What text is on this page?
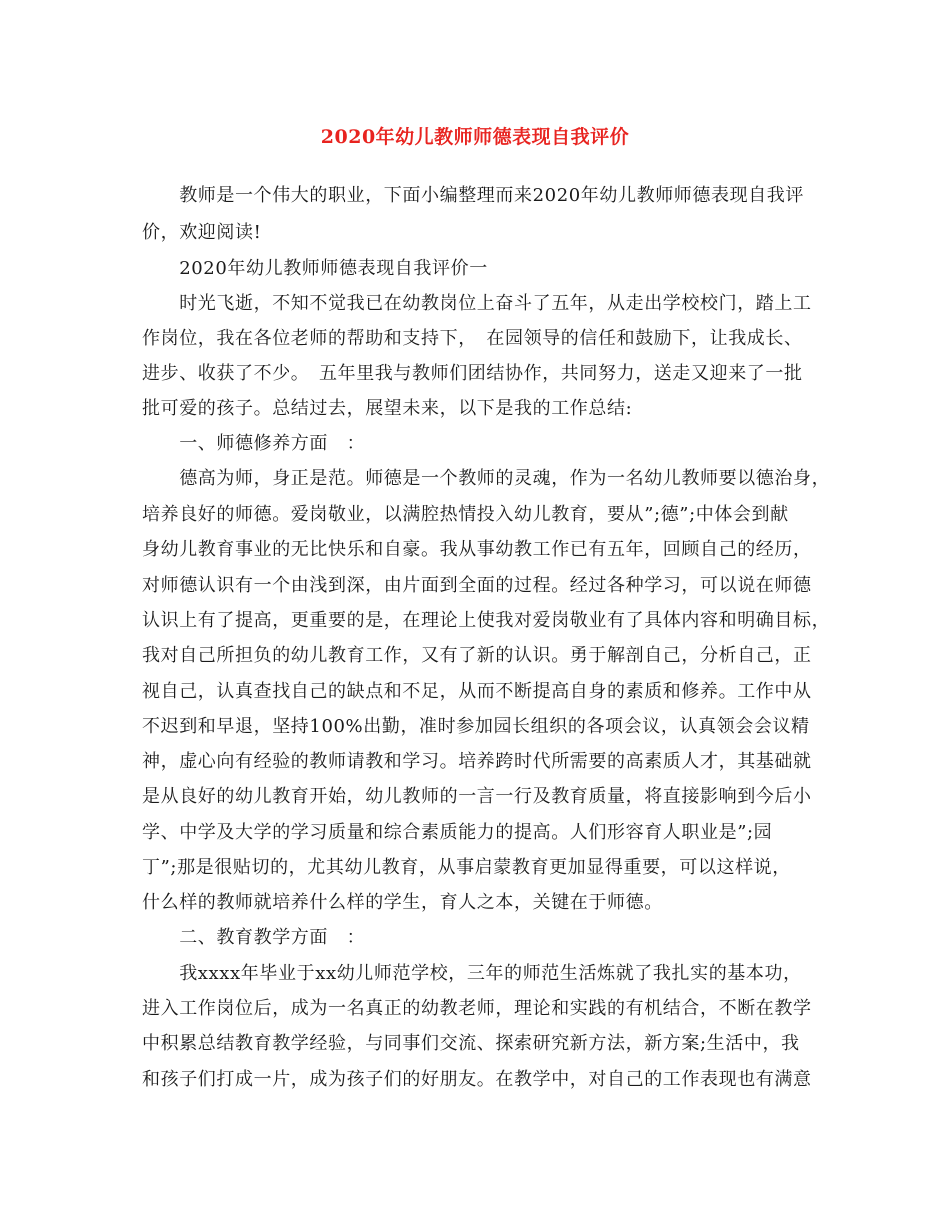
2020年幼儿教师师德表现自我评价
　　教师是一个伟大的职业，下面小编整理而来2020年幼儿教师师德表现自我评
价，欢迎阅读!
　　2020年幼儿教师师德表现自我评价一
　　时光飞逝，不知不觉我已在幼教岗位上奋斗了五年，从走出学校校门，踏上工
作岗位，我在各位老师的帮助和支持下，　在园领导的信任和鼓励下，让我成长、
进步、收获了不少。　五年里我与教师们团结协作，共同努力，送走又迎来了一批
批可爱的孩子。总结过去，展望未来，以下是我的工作总结:
　　一、师德修养方面　：
　　德高为师，身正是范。师德是一个教师的灵魂，作为一名幼儿教师要以德治身，
培养良好的师德。爱岗敬业，以满腔热情投入幼儿教育，要从”;德”;中体会到献
身幼儿教育事业的无比快乐和自豪。我从事幼教工作已有五年，回顾自己的经历，
对师德认识有一个由浅到深，由片面到全面的过程。经过各种学习，可以说在师德
认识上有了提高，更重要的是，在理论上使我对爱岗敬业有了具体内容和明确目标，
我对自己所担负的幼儿教育工作，又有了新的认识。勇于解剖自己，分析自己，正
视自己，认真查找自己的缺点和不足，从而不断提高自身的素质和修养。工作中从
不迟到和早退，坚持100%出勤，准时参加园长组织的各项会议，认真领会会议精
神，虚心向有经验的教师请教和学习。培养跨时代所需要的高素质人才，其基础就
是从良好的幼儿教育开始，幼儿教师的一言一行及教育质量，将直接影响到今后小
学、中学及大学的学习质量和综合素质能力的提高。人们形容育人职业是”;园
丁”;那是很贴切的，尤其幼儿教育，从事启蒙教育更加显得重要，可以这样说，
什么样的教师就培养什么样的学生，育人之本，关键在于师德。
　　二、教育教学方面　：
　　我xxxx年毕业于xx幼儿师范学校，三年的师范生活炼就了我扎实的基本功，
进入工作岗位后，成为一名真正的幼教老师，理论和实践的有机结合，不断在教学
中积累总结教育教学经验，与同事们交流、探索研究新方法，新方案;生活中，我
和孩子们打成一片，成为孩子们的好朋友。在教学中，对自己的工作表现也有满意
